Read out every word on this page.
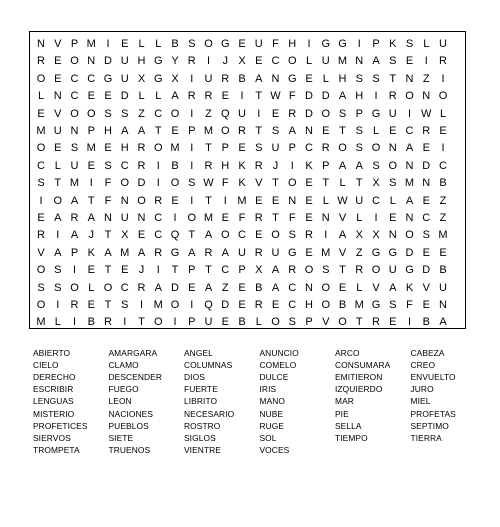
N V P M I	E L L B S O G E U F H	I G G I	P K S L U
R E O N D U H G Y R	I	J X E C O L U M N A S E	I	R
O E C C G U X G X	I	U R B A N G E L H S S T N Z	I
L N C E E D L L A R R E	I	T W F D D A H	I	R O N O
E V O O S S Z C O I	Z Q U	I	E R D O S P G U	I W L
M U N P H A A T E P M O R T S A N E T S L E C R E
O E S M E H R O M I	T P E S U P C R O S O N A E	I
C L U E S C R	I	B	I	R H K R J	I	K P A A S O N D C
S T M I	F O D	I O S W F K V T O E T L T X S M N B
I O A T F N O R E	I	T	I M E E N E L W U C L A E Z
E A R A N U N C	I O M E F R T F E N V L	I	E N C Z
R	I	A J T X E C Q T A O C E O S R	I	A X X N O S M
V A P K A M A R G A R A U R U G E M V Z G G D E E
O S	I	E T E J	I	T P T C P X A R O S T R O U G D B
S S O L O C R A D E A Z E B A C N O E L V A K V U
O I	R E T S	I M O I Q D E R E C H O B M G S F E N
M L	I	B R	I	T O I	P U E B L O S P V O T R E	I	B A
ABIERTO	AMARGARA	ANGEL	ANUNCIO	ARCO	CABEZA
CIELO	CLAMO	COLUMNAS	COMELO	CONSUMARA CREO
DERECHO	DESCENDER	DIOS	DULCE	EMITIERON	ENVUELTO
ESCRIBIR	FUEGO	FUERTE	IRIS	IZQUIERDO	JURO
LENGUAS	LEON	LIBRITO	MANO	MAR	MIEL
MISTERIO	NACIONES	NECESARIO	NUBE	PIE	PROFETAS
PROFETICES PUEBLOS	ROSTRO	RUGE	SELLA	SEPTIMO
SIERVOS	SIETE	SIGLOS	SOL	TIEMPO	TIERRA
TROMPETA	TRUENOS	VIENTRE	VOCES
